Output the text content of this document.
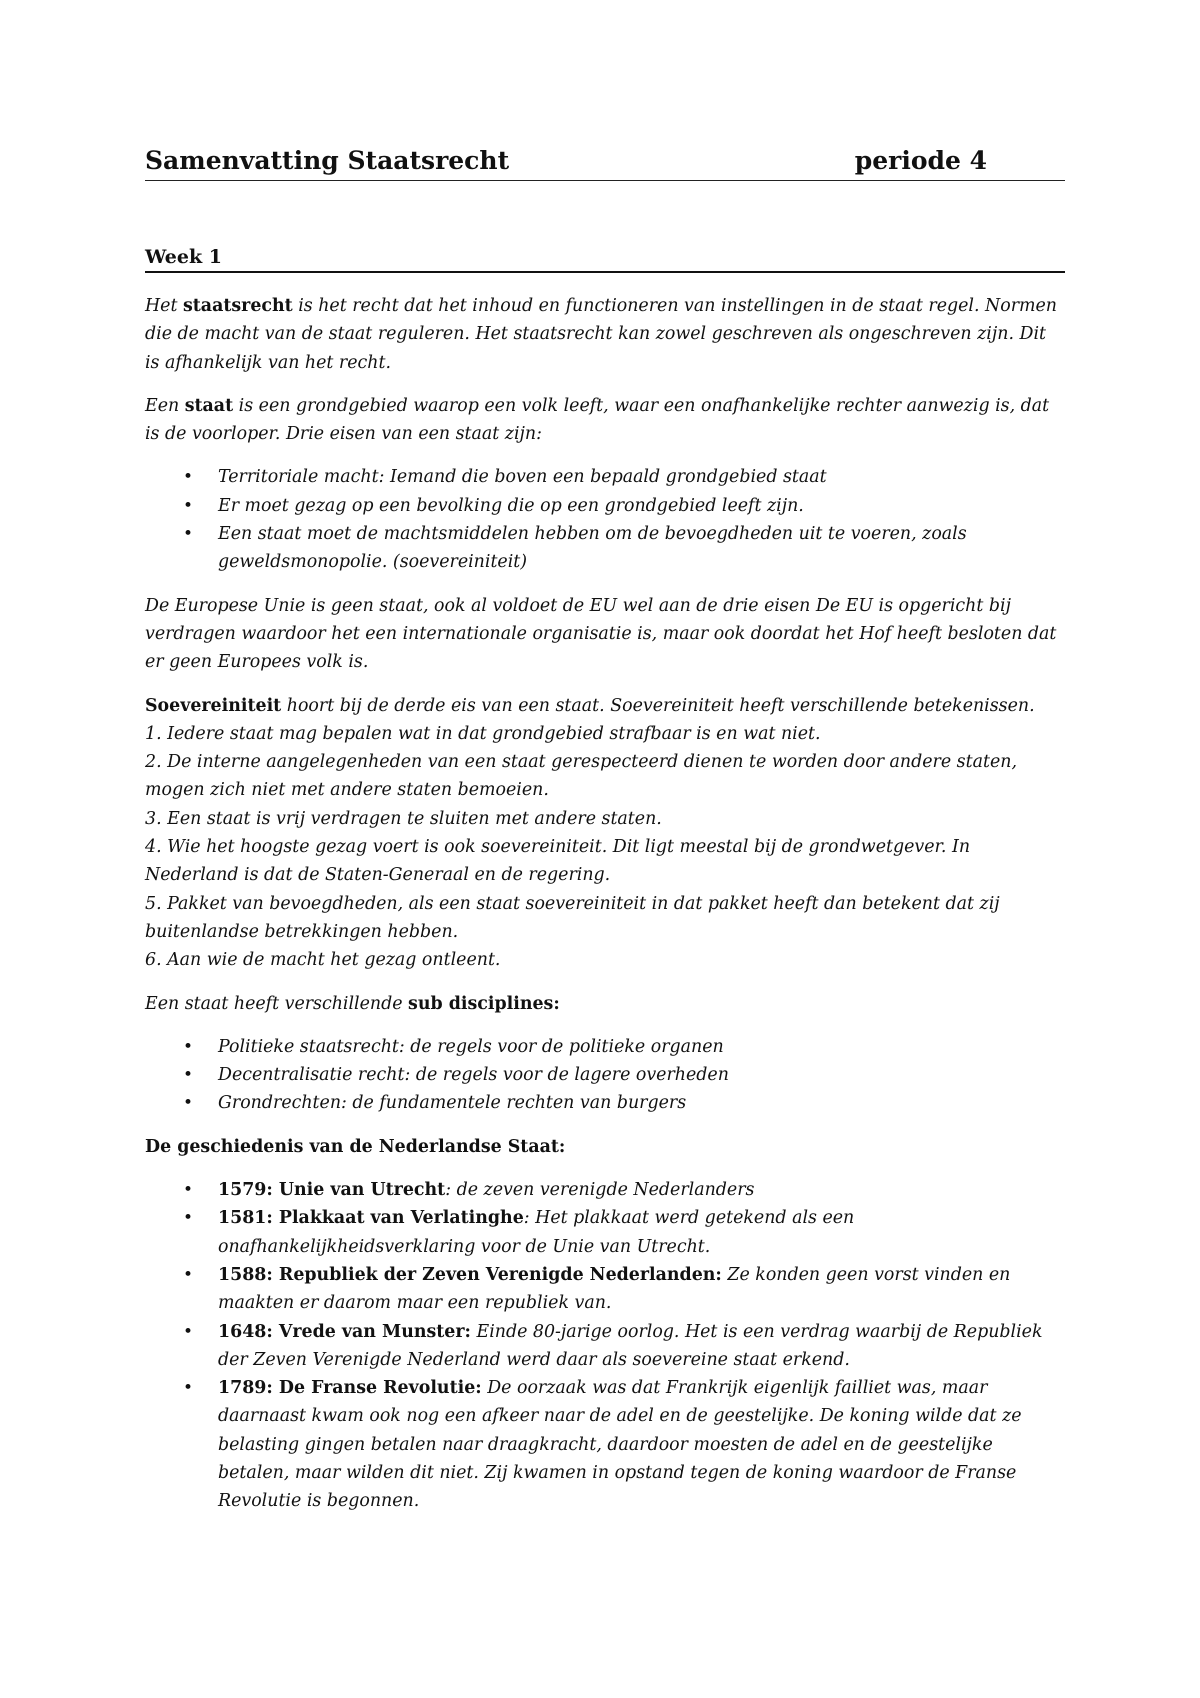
Samenvatting Staatsrecht	periode 4
Week 1

Het staatsrecht is het recht dat het inhoud en functioneren van instellingen in de staat regel. Normen die de macht van de staat reguleren. Het staatsrecht kan zowel geschreven als ongeschreven zijn. Dit is afhankelijk van het recht.

Een staat is een grondgebied waarop een volk leeft, waar een onafhankelijke rechter aanwezig is, dat is de voorloper. Drie eisen van een staat zijn:

• Territoriale macht: Iemand die boven een bepaald grondgebied staat
• Er moet gezag op een bevolking die op een grondgebied leeft zijn.
• Een staat moet de machtsmiddelen hebben om de bevoegdheden uit te voeren, zoals geweldsmonopolie. (soevereiniteit)

De Europese Unie is geen staat, ook al voldoet de EU wel aan de drie eisen De EU is opgericht bij verdragen waardoor het een internationale organisatie is, maar ook doordat het Hof heeft besloten dat er geen Europees volk is.

Soevereiniteit hoort bij de derde eis van een staat. Soevereiniteit heeft verschillende betekenissen.
1. Iedere staat mag bepalen wat in dat grondgebied strafbaar is en wat niet.
2. De interne aangelegenheden van een staat gerespecteerd dienen te worden door andere staten, mogen zich niet met andere staten bemoeien.
3. Een staat is vrij verdragen te sluiten met andere staten.
4. Wie het hoogste gezag voert is ook soevereiniteit. Dit ligt meestal bij de grondwetgever. In Nederland is dat de Staten-Generaal en de regering.
5. Pakket van bevoegdheden, als een staat soevereiniteit in dat pakket heeft dan betekent dat zij buitenlandse betrekkingen hebben.
6. Aan wie de macht het gezag ontleent.

Een staat heeft verschillende sub disciplines:

• Politieke staatsrecht: de regels voor de politieke organen
• Decentralisatie recht: de regels voor de lagere overheden
• Grondrechten: de fundamentele rechten van burgers

De geschiedenis van de Nederlandse Staat:

• 1579: Unie van Utrecht: de zeven verenigde Nederlanders
• 1581: Plakkaat van Verlatinghe: Het plakkaat werd getekend als een onafhankelijkheidsverklaring voor de Unie van Utrecht.
• 1588: Republiek der Zeven Verenigde Nederlanden: Ze konden geen vorst vinden en maakten er daarom maar een republiek van.
• 1648: Vrede van Munster: Einde 80-jarige oorlog. Het is een verdrag waarbij de Republiek der Zeven Verenigde Nederland werd daar als soevereine staat erkend.
• 1789: De Franse Revolutie: De oorzaak was dat Frankrijk eigenlijk failliet was, maar daarnaast kwam ook nog een afkeer naar de adel en de geestelijke. De koning wilde dat ze belasting gingen betalen naar draagkracht, daardoor moesten de adel en de geestelijke betalen, maar wilden dit niet. Zij kwamen in opstand tegen de koning waardoor de Franse Revolutie is begonnen.
